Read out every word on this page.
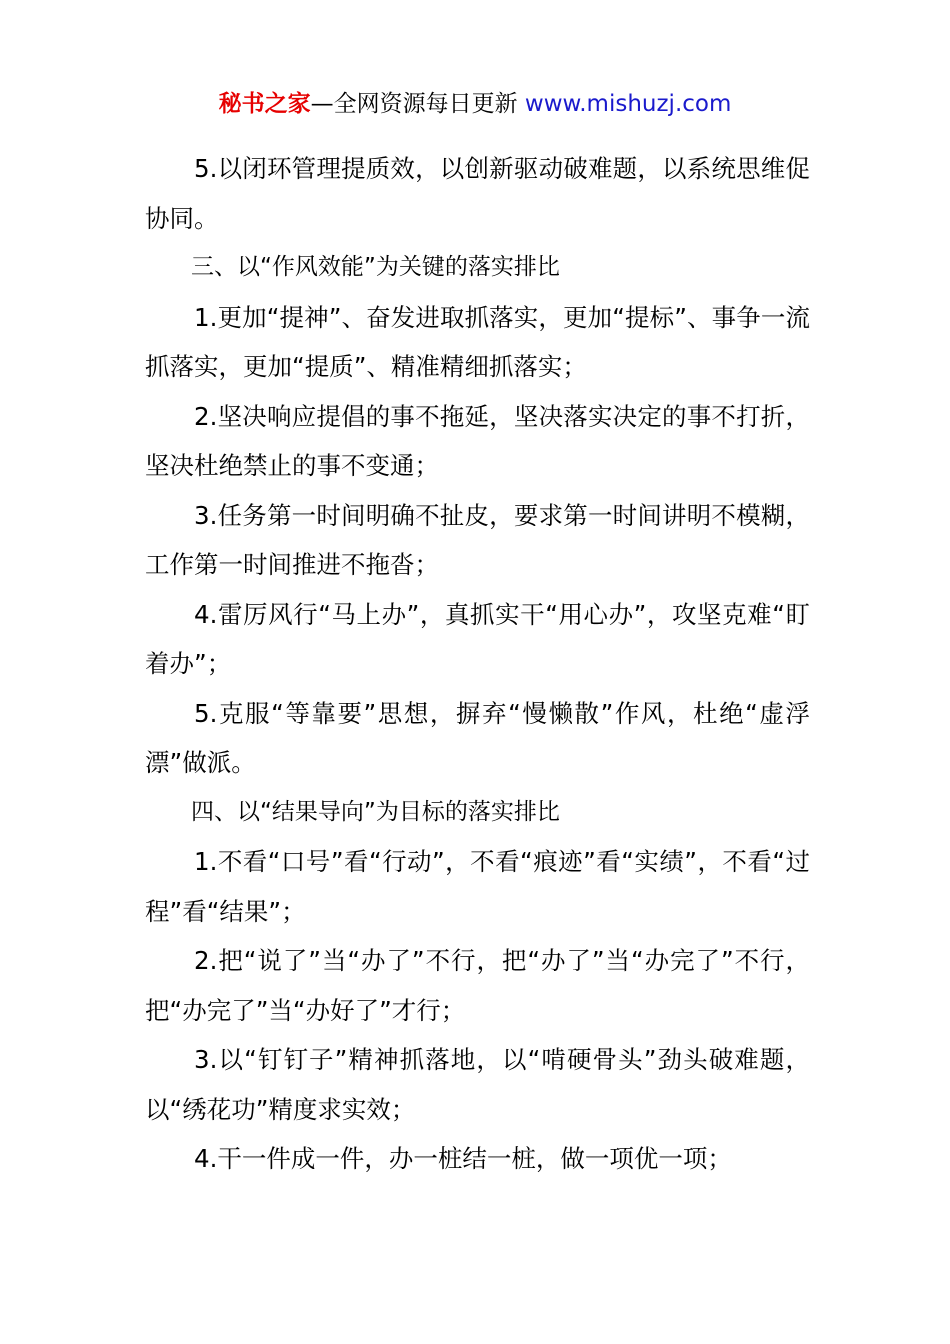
秘书之家—全网资源每日更新 www.mishuzj.com

5.以闭环管理提质效，以创新驱动破难题，以系统思维促协同。

三、以“作风效能”为关键的落实排比

1.更加“提神”、奋发进取抓落实，更加“提标”、事争一流抓落实，更加“提质”、精准精细抓落实；

2.坚决响应提倡的事不拖延，坚决落实决定的事不打折，坚决杜绝禁止的事不变通；

3.任务第一时间明确不扯皮，要求第一时间讲明不模糊，工作第一时间推进不拖沓；

4.雷厉风行“马上办”，真抓实干“用心办”，攻坚克难“盯着办”；

5.克服“等靠要”思想，摒弃“慢懒散”作风，杜绝“虚浮漂”做派。

四、以“结果导向”为目标的落实排比

1.不看“口号”看“行动”，不看“痕迹”看“实绩”，不看“过程”看“结果”；

2.把“说了”当“办了”不行，把“办了”当“办完了”不行，把“办完了”当“办好了”才行；

3.以“钉钉子”精神抓落地，以“啃硬骨头”劲头破难题，以“绣花功”精度求实效；

4.干一件成一件，办一桩结一桩，做一项优一项；
